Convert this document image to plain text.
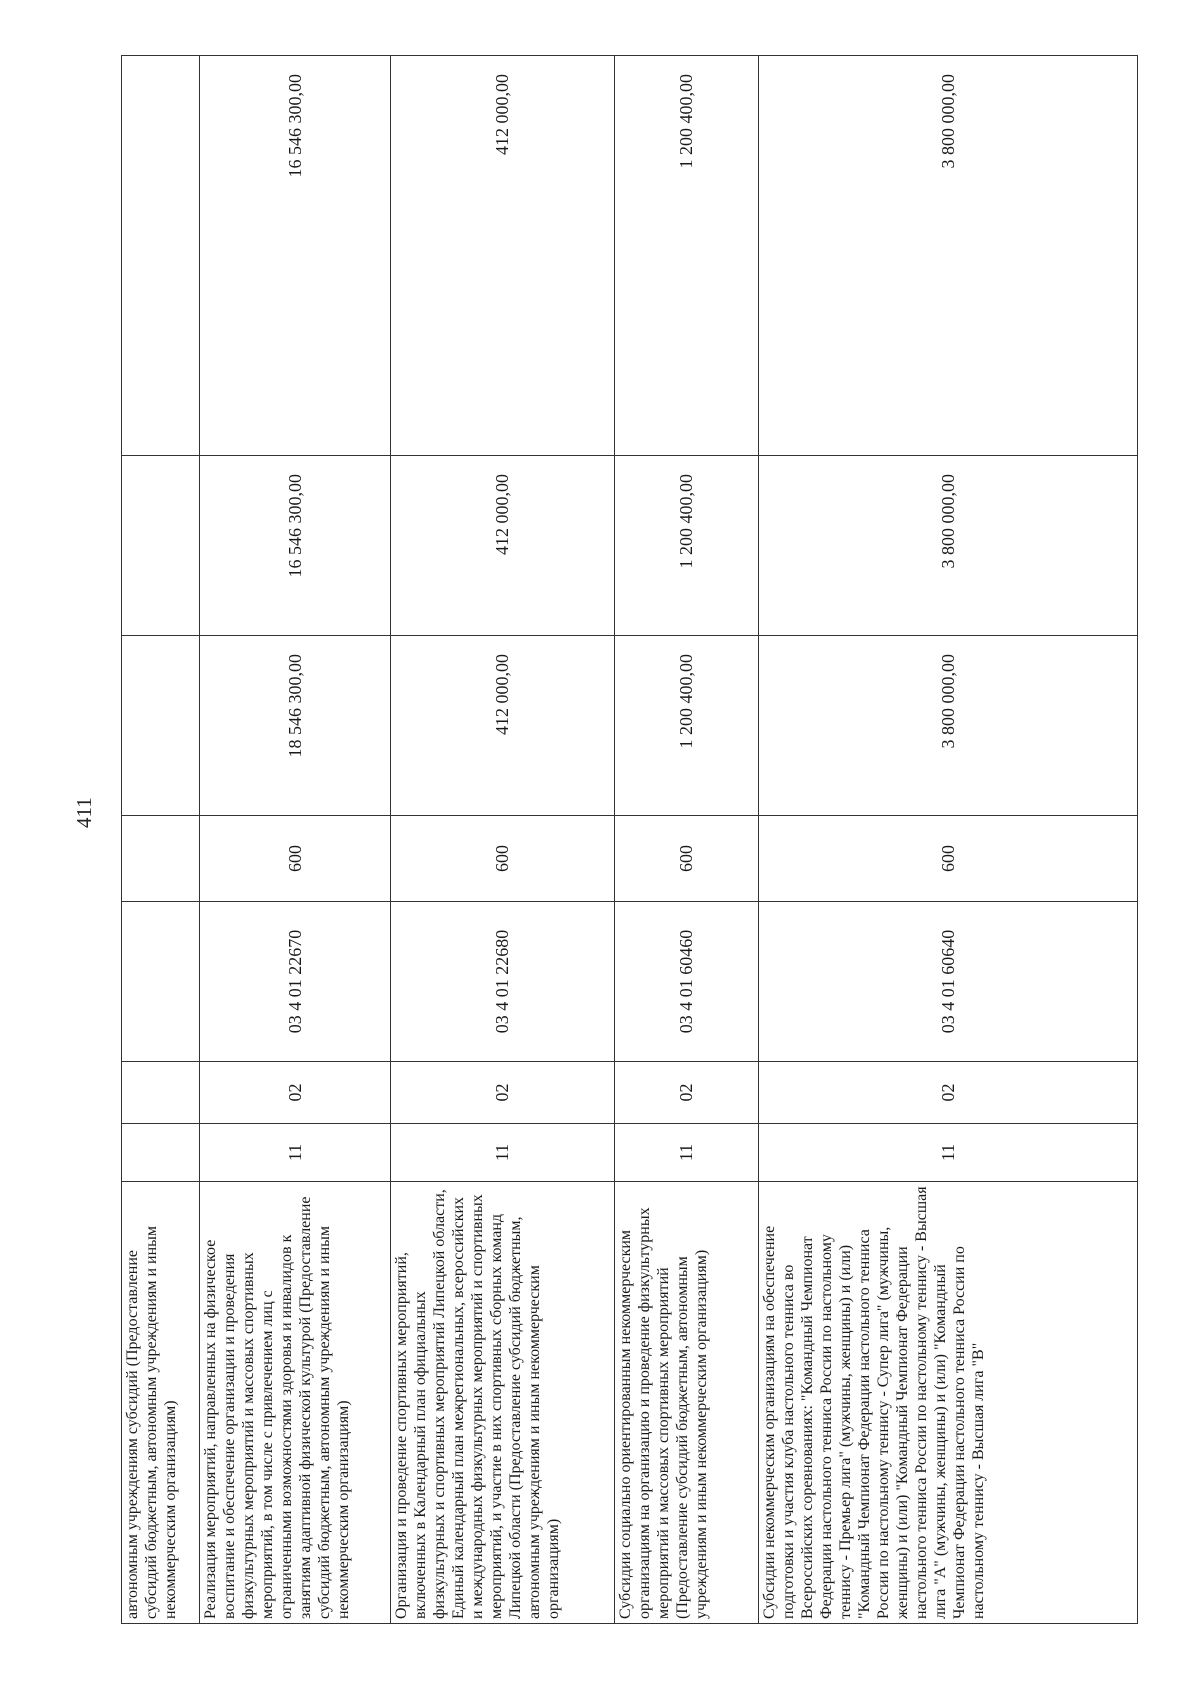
411
автономным учреждениям субсидий (Предоставление субсидий бюджетным, автономным учреждениям и иным некоммерческим организациям)							
Реализация мероприятий, направленных на физическое воспитание и обеспечение организации и проведения физкультурных мероприятий и массовых спортивных мероприятий, в том числе с привлечением лиц с ограниченными возможностями здоровья и инвалидов к занятиям адаптивной физической культурой (Предоставление субсидий бюджетным, автономным учреждениям и иным некоммерческим организациям)	11	02	03 4 01 22670	600	18 546 300,00	16 546 300,00	16 546 300,00
Организация и проведение спортивных мероприятий, включенных в Календарный план официальных физкультурных и спортивных мероприятий Липецкой области, Единый календарный план межрегиональных, всероссийских и международных физкультурных мероприятий и спортивных мероприятий, и участие в них спортивных сборных команд Липецкой области (Предоставление субсидий бюджетным, автономным учреждениям и иным некоммерческим организациям)	11	02	03 4 01 22680	600	412 000,00	412 000,00	412 000,00
Субсидии социально ориентированным некоммерческим организациям на организацию и проведение физкультурных мероприятий и массовых спортивных мероприятий (Предоставление субсидий бюджетным, автономным учреждениям и иным некоммерческим организациям)	11	02	03 4 01 60460	600	1 200 400,00	1 200 400,00	1 200 400,00
Субсидии некоммерческим организациям на обеспечение подготовки и участия клуба настольного тенниса во Всероссийских соревнованиях: "Командный Чемпионат Федерации настольного тенниса России по настольному теннису - Премьер лига" (мужчины, женщины) и (или) "Командный Чемпионат Федерации настольного тенниса России по настольному теннису - Супер лига" (мужчины, женщины) и (или) "Командный Чемпионат Федерации настольного тенниса России по настольному теннису - Высшая лига "А" (мужчины, женщины) и (или) "Командный Чемпионат Федерации настольного тенниса России по настольному теннису - Высшая лига "В"	11	02	03 4 01 60640	600	3 800 000,00	3 800 000,00	3 800 000,00
